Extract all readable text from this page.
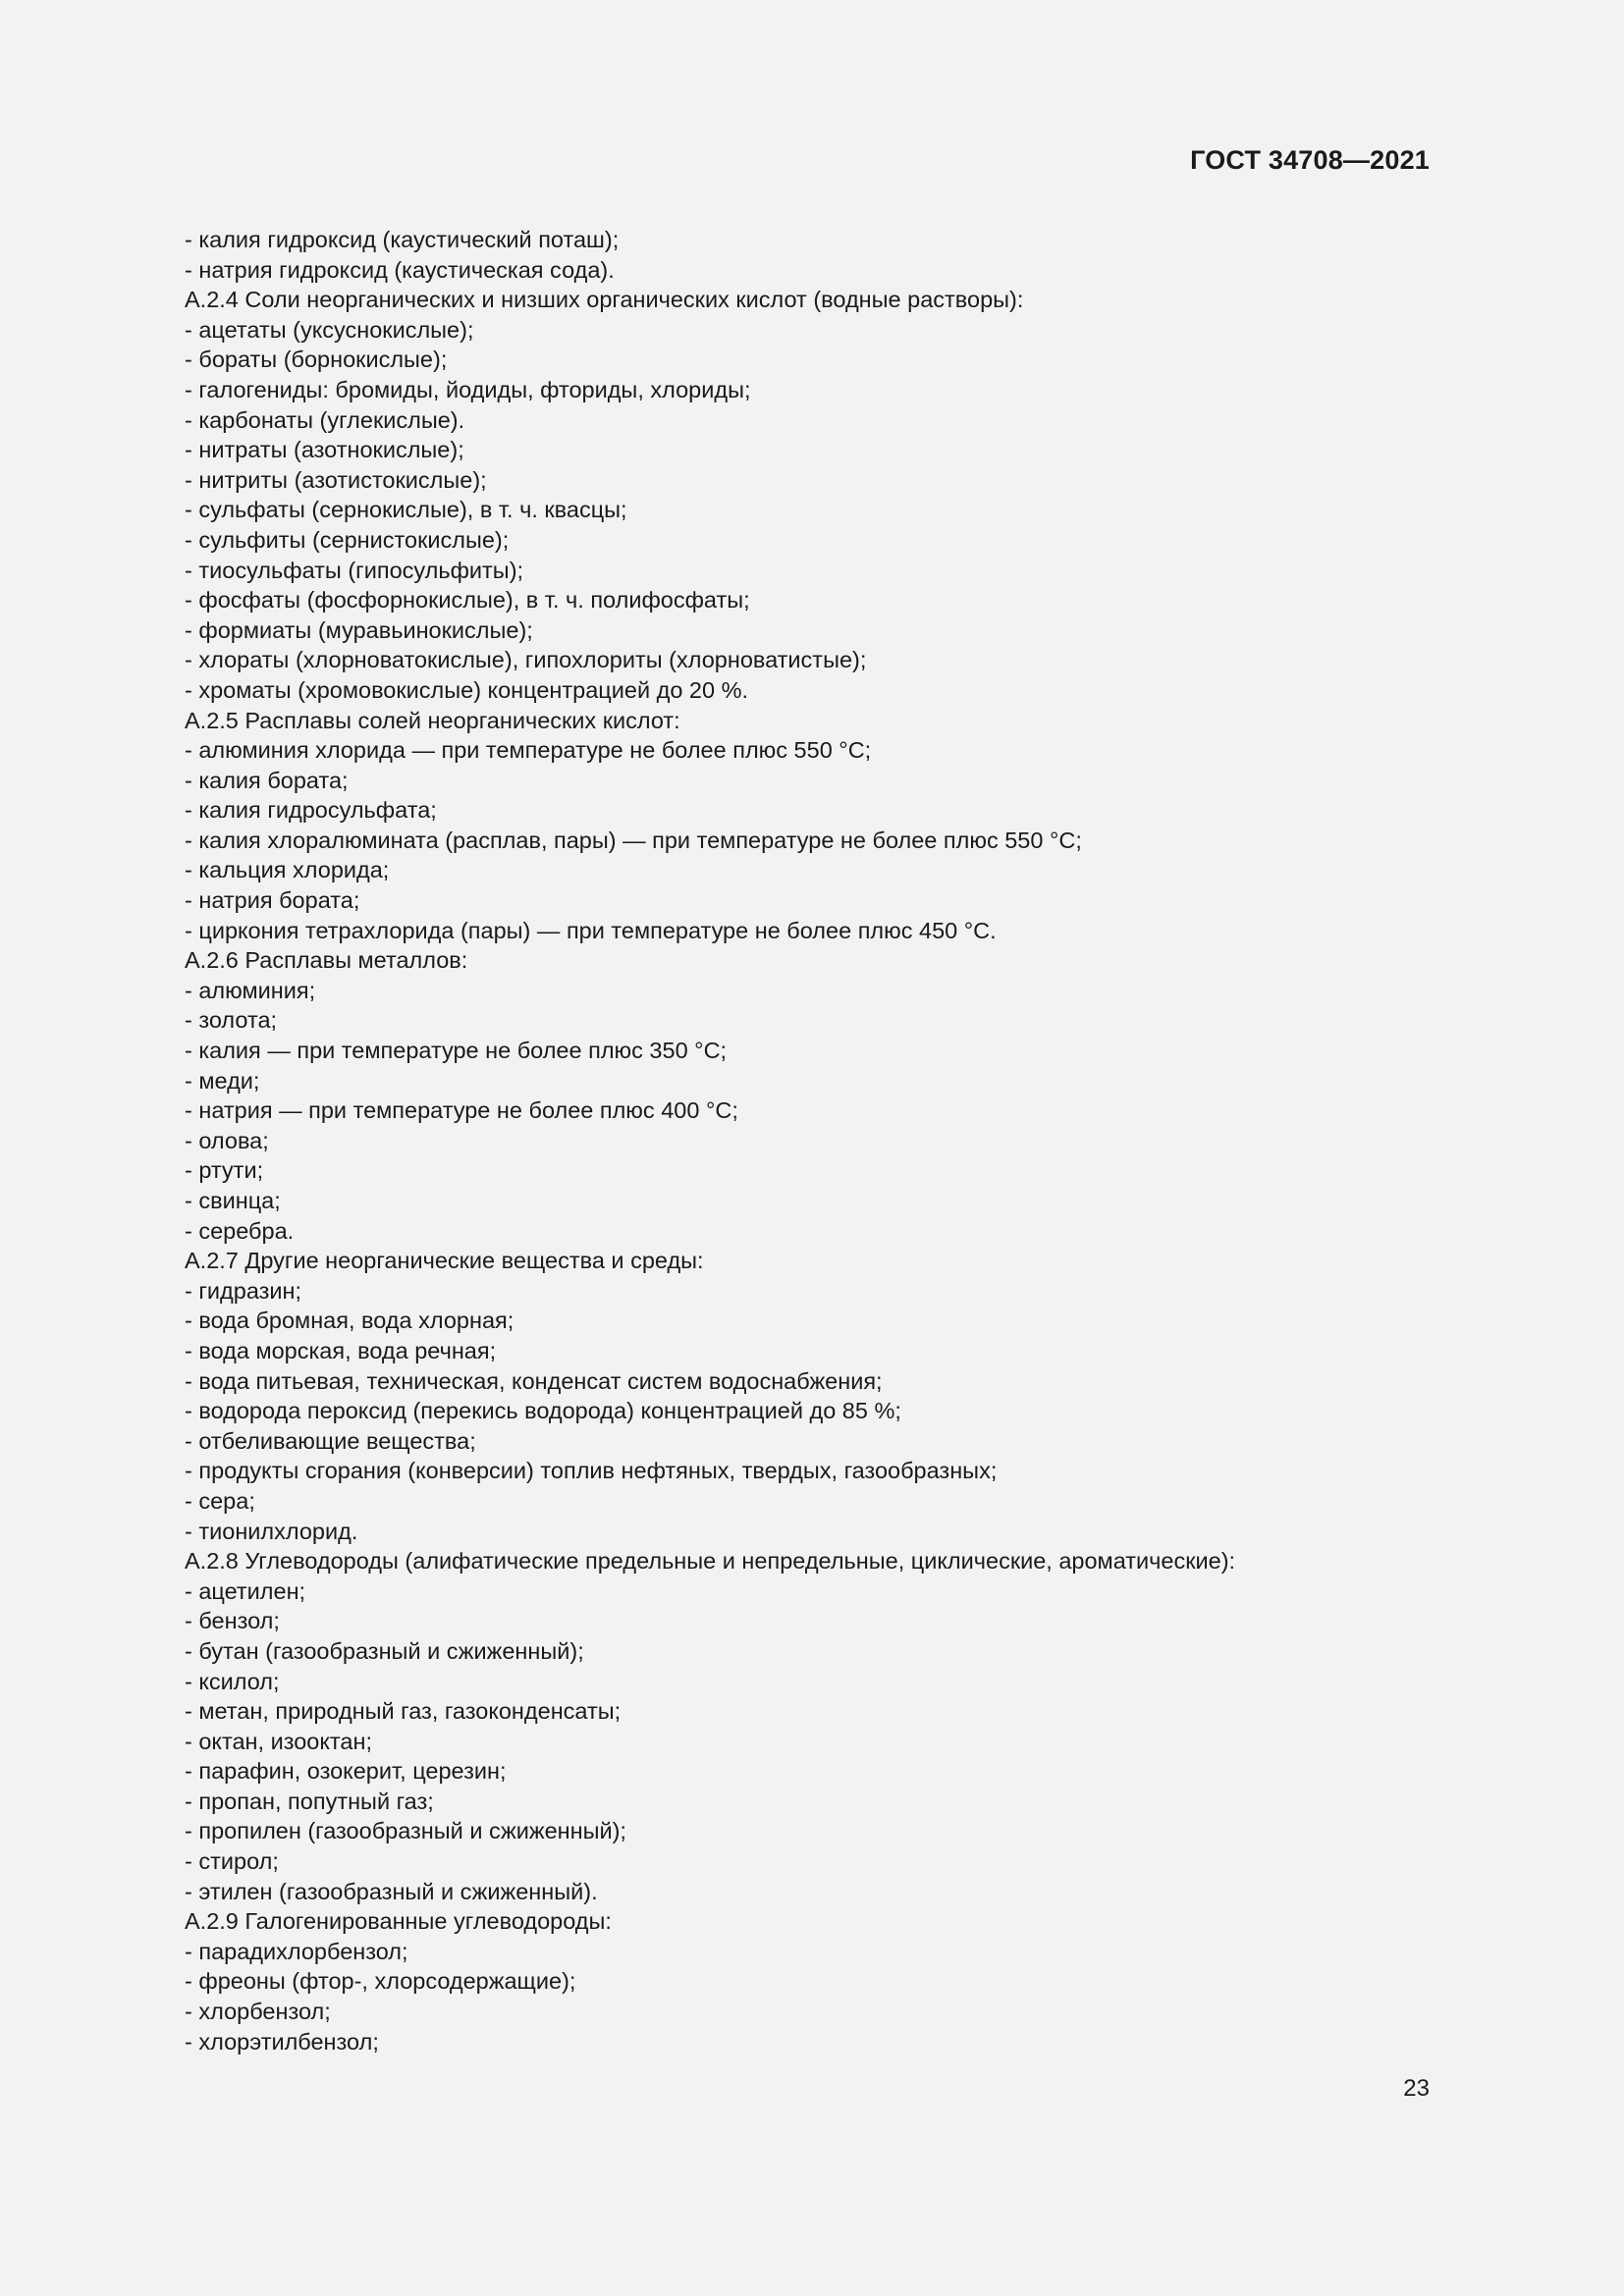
ГОСТ 34708—2021
- калия гидроксид (каустический поташ);
- натрия гидроксид (каустическая сода).
А.2.4 Соли неорганических и низших органических кислот (водные растворы):
- ацетаты (уксуснокислые);
- бораты (борнокислые);
- галогениды: бромиды, йодиды, фториды, хлориды;
- карбонаты (углекислые).
- нитраты (азотнокислые);
- нитриты (азотистокислые);
- сульфаты (сернокислые), в т. ч. квасцы;
- сульфиты (сернистокислые);
- тиосульфаты (гипосульфиты);
- фосфаты (фосфорнокислые), в т. ч. полифосфаты;
- формиаты (муравьинокислые);
- хлораты (хлорноватокислые), гипохлориты (хлорноватистые);
- хроматы (хромовокислые) концентрацией до 20 %.
А.2.5 Расплавы солей неорганических кислот:
- алюминия хлорида — при температуре не более плюс 550 °С;
- калия бората;
- калия гидросульфата;
- калия хлоралюмината (расплав, пары) — при температуре не более плюс 550 °С;
- кальция хлорида;
- натрия бората;
- циркония тетрахлорида (пары) — при температуре не более плюс 450 °С.
А.2.6 Расплавы металлов:
- алюминия;
- золота;
- калия — при температуре не более плюс 350 °С;
- меди;
- натрия — при температуре не более плюс 400 °С;
- олова;
- ртути;
- свинца;
- серебра.
А.2.7 Другие неорганические вещества и среды:
- гидразин;
- вода бромная, вода хлорная;
- вода морская, вода речная;
- вода питьевая, техническая, конденсат систем водоснабжения;
- водорода пероксид (перекись водорода) концентрацией до 85 %;
- отбеливающие вещества;
- продукты сгорания (конверсии) топлив нефтяных, твердых, газообразных;
- сера;
- тионилхлорид.
А.2.8 Углеводороды (алифатические предельные и непредельные, циклические, ароматические):
- ацетилен;
- бензол;
- бутан (газообразный и сжиженный);
- ксилол;
- метан, природный газ, газоконденсаты;
- октан, изооктан;
- парафин, озокерит, церезин;
- пропан, попутный газ;
- пропилен (газообразный и сжиженный);
- стирол;
- этилен (газообразный и сжиженный).
А.2.9 Галогенированные углеводороды:
- парадихлорбензол;
- фреоны (фтор-, хлорсодержащие);
- хлорбензол;
- хлорэтилбензол;
23
